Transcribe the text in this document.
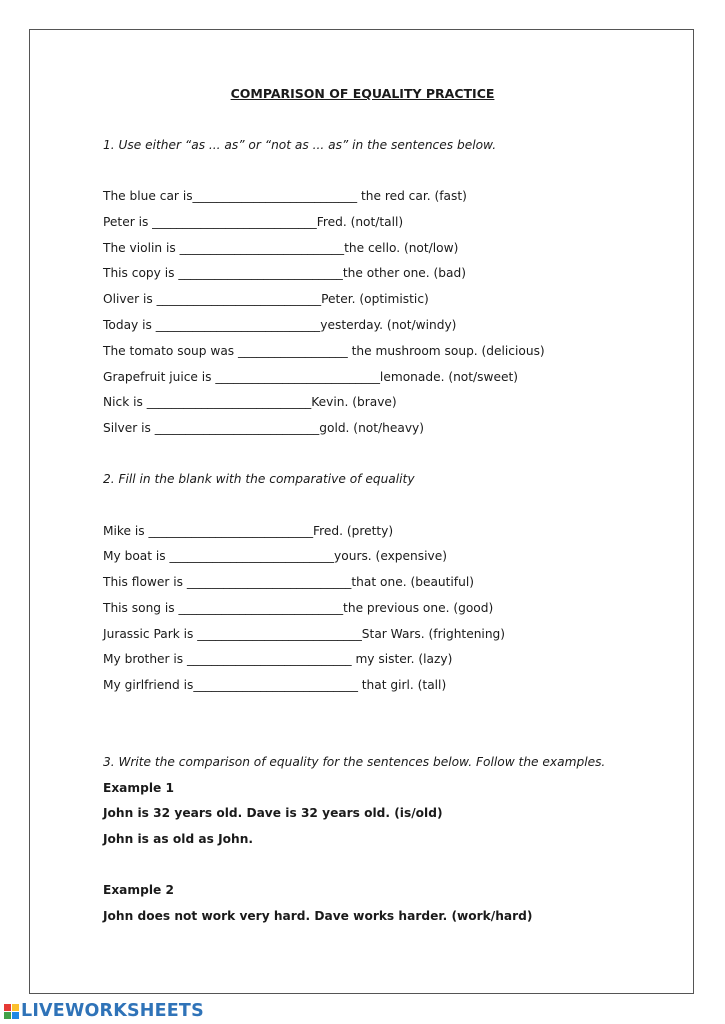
COMPARISON OF EQUALITY PRACTICE
1. Use either “as ... as” or “not as ... as” in the sentences below.
The blue car is___________________________ the red car. (fast)
Peter is ___________________________Fred. (not/tall)
The violin is ___________________________the cello. (not/low)
This copy is ___________________________the other one. (bad)
Oliver is ___________________________Peter. (optimistic)
Today is ___________________________yesterday. (not/windy)
The tomato soup was __________________ the mushroom soup. (delicious)
Grapefruit juice is ___________________________lemonade. (not/sweet)
Nick is ___________________________Kevin. (brave)
Silver is ___________________________gold. (not/heavy)
2. Fill in the blank with the comparative of equality
Mike is ___________________________Fred. (pretty)
My boat is ___________________________yours. (expensive)
This flower is ___________________________that one. (beautiful)
This song is ___________________________the previous one. (good)
Jurassic Park is ___________________________Star Wars. (frightening)
My brother is ___________________________ my sister. (lazy)
My girlfriend is___________________________ that girl. (tall)
3. Write the comparison of equality for the sentences below. Follow the examples.
Example 1
John is 32 years old. Dave is 32 years old. (is/old)
John is as old as John.
Example 2
John does not work very hard. Dave works harder. (work/hard)
LIVEWORKSHEETS
